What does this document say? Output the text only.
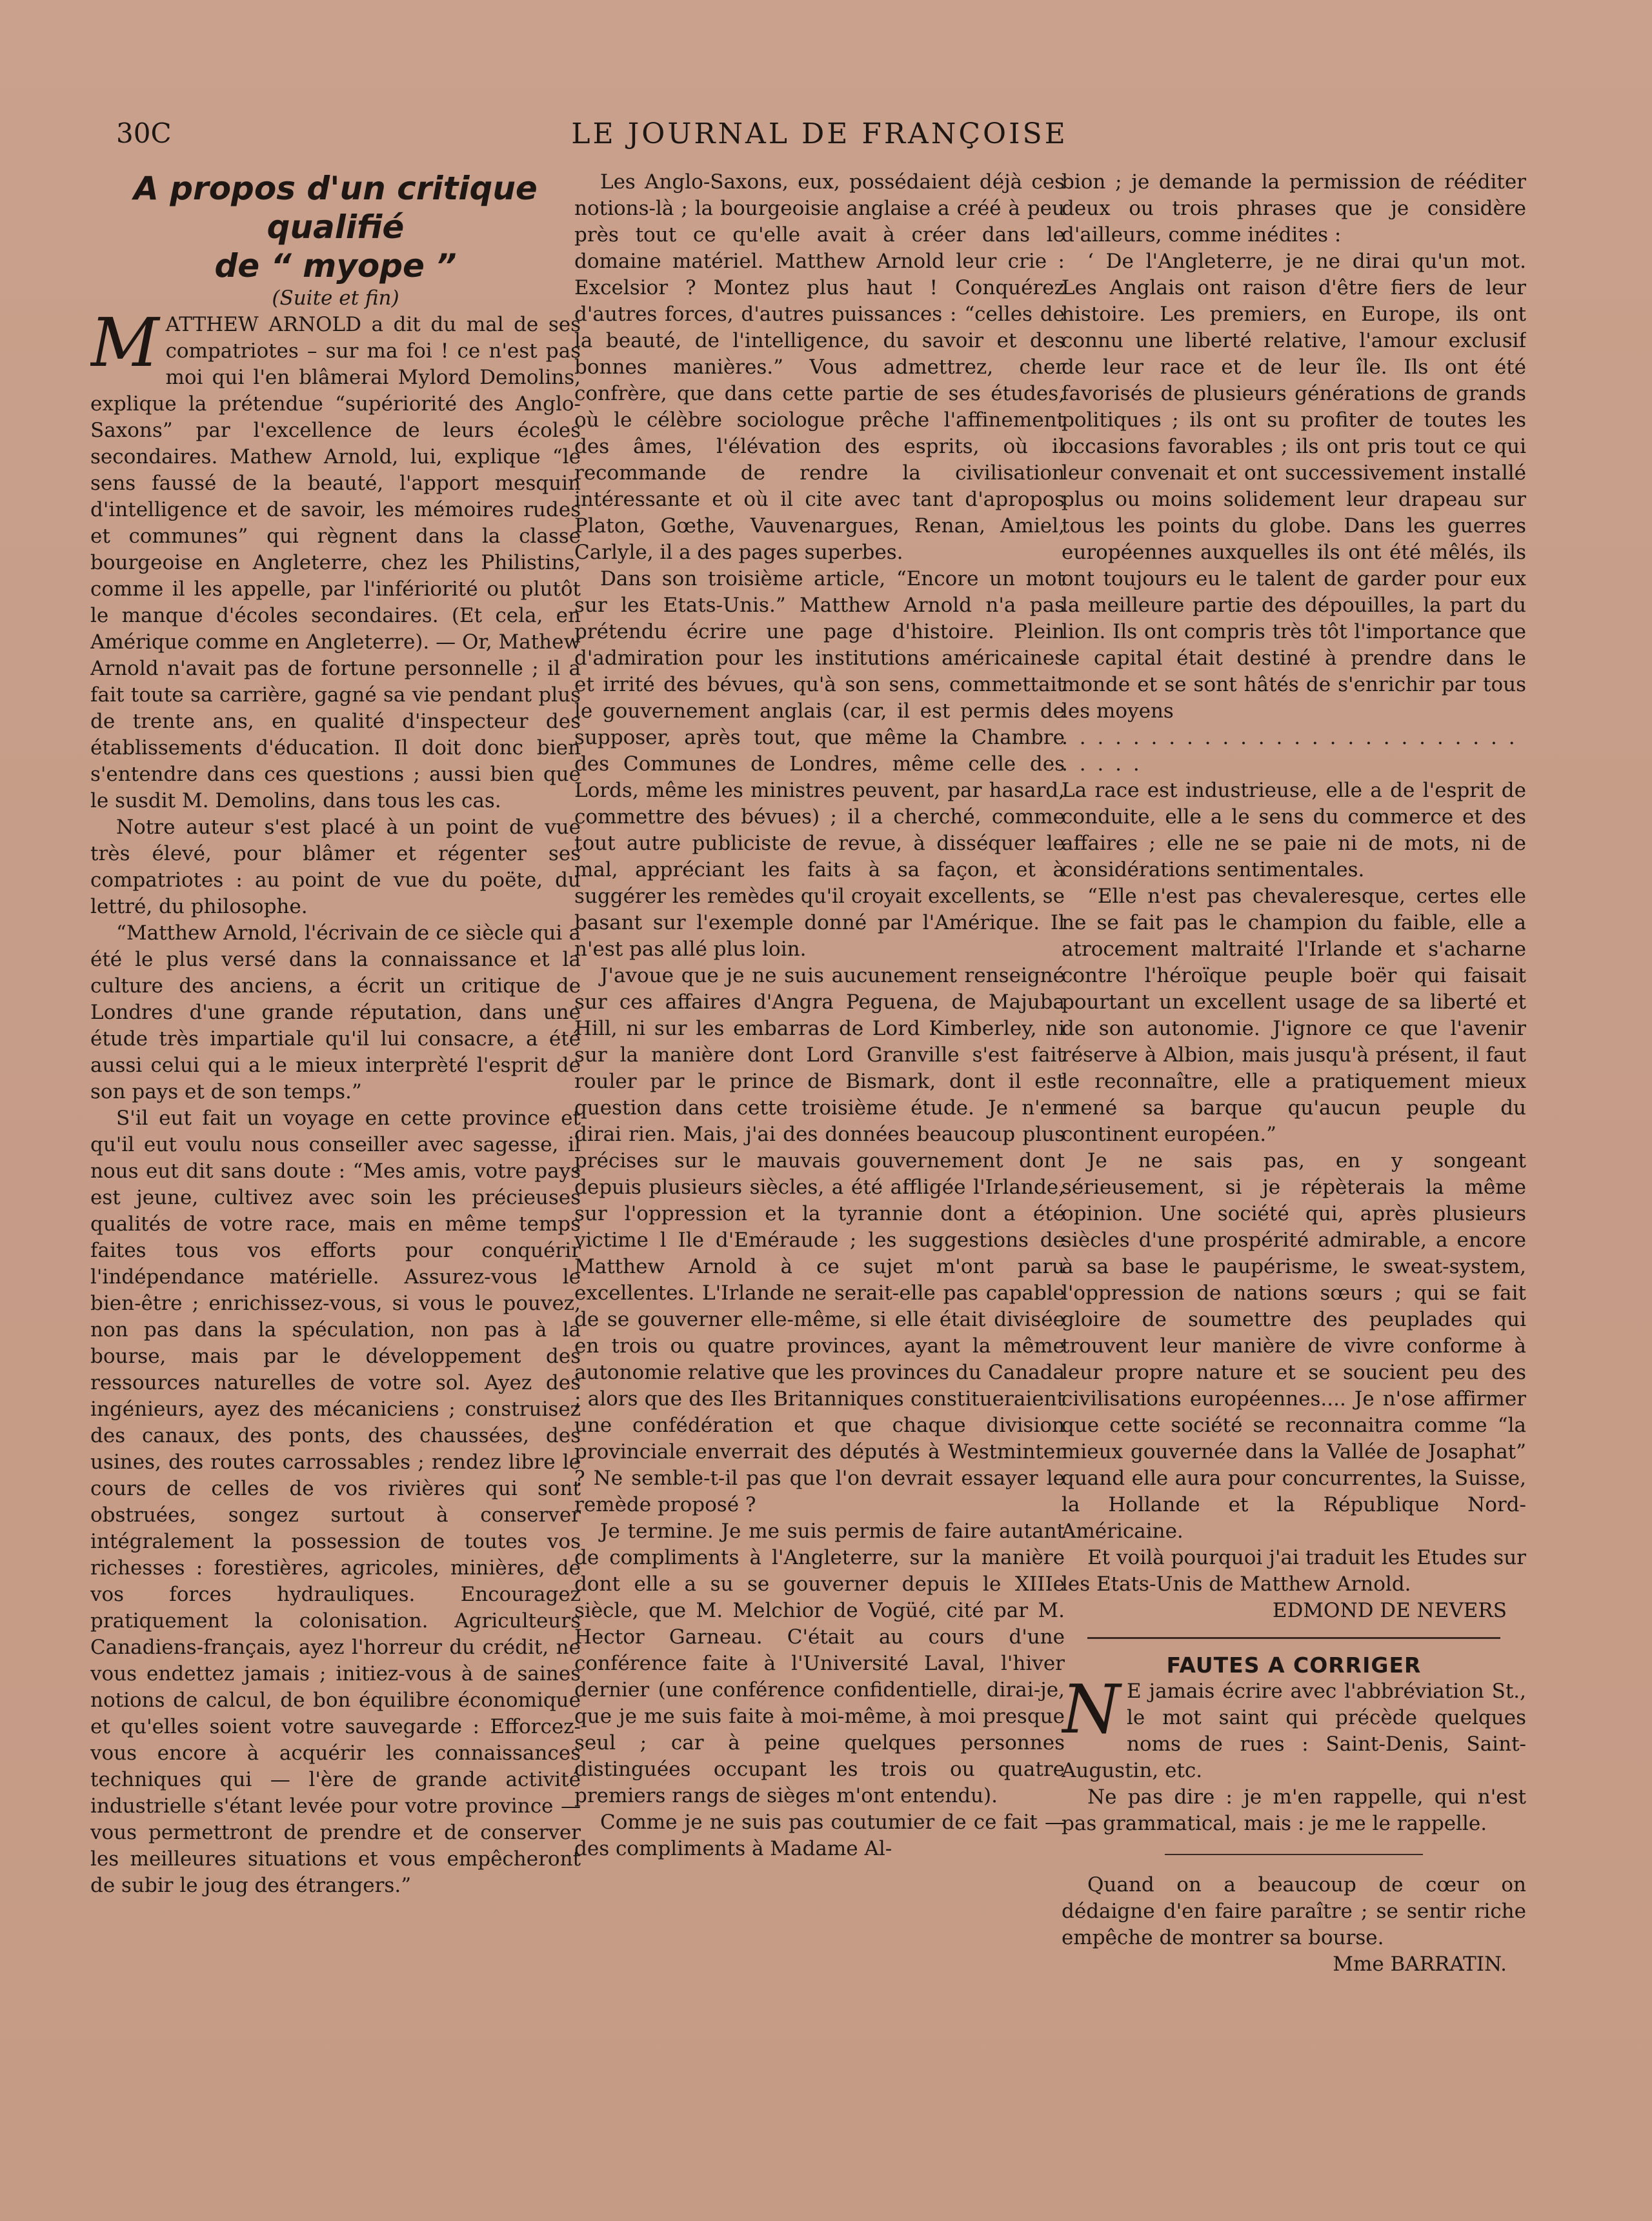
30C	LE JOURNAL DE FRANÇOISE

A propos d'un critique qualifié

de “ myope ”

(Suite et fin)

MATTHEW ARNOLD a dit du mal de ses compatriotes – sur ma foi ! ce n'est pas moi qui l'en blâmerai Mylord Demolins, explique la prétendue “supériorité des Anglo-Saxons” par l'excellence de leurs écoles secondaires. Mathew Arnold, lui, explique “le sens faussé de la beauté, l'apport mesquin d'intelligence et de savoir, les mémoires rudes et communes” qui règnent dans la classe bourgeoise en Angleterre, chez les Philistins, comme il les appelle, par l'infériorité ou plutôt le manque d'écoles secondaires. (Et cela, en Amérique comme en Angleterre). — Or, Mathew Arnold n'avait pas de fortune personnelle ; il a fait toute sa carrière, gagné sa vie pendant plus de trente ans, en qualité d'inspecteur des établissements d'éducation. Il doit donc bien s'entendre dans ces questions ; aussi bien que le susdit M. Demolins, dans tous les cas.

Notre auteur s'est placé à un point de vue très élevé, pour blâmer et régenter ses compatriotes : au point de vue du poëte, du lettré, du philosophe.

“Matthew Arnold, l'écrivain de ce siècle qui a été le plus versé dans la connaissance et la culture des anciens, a écrit un critique de Londres d'une grande réputation, dans une étude très impartiale qu'il lui consacre, a été aussi celui qui a le mieux interprèté l'esprit de son pays et de son temps.”

S'il eut fait un voyage en cette province et qu'il eut voulu nous conseiller avec sagesse, il nous eut dit sans doute : “Mes amis, votre pays est jeune, cultivez avec soin les précieuses qualités de votre race, mais en même temps faites tous vos efforts pour conquérir l'indépendance matérielle. Assurez-vous le bien-être ; enrichissez-vous, si vous le pouvez, non pas dans la spéculation, non pas à la bourse, mais par le développement des ressources naturelles de votre sol. Ayez des ingénieurs, ayez des mécaniciens ; construisez des canaux, des ponts, des chaussées, des usines, des routes carrossables ; rendez libre le cours de celles de vos rivières qui sont obstruées, songez surtout à conserver intégralement la possession de toutes vos richesses : forestières, agricoles, minières, de vos forces hydrauliques. Encouragez pratiquement la colonisation. Agriculteurs Canadiens-français, ayez l'horreur du crédit, ne vous endettez jamais ; initiez-vous à de saines notions de calcul, de bon équilibre économique et qu'elles soient votre sauvegarde : Efforcez-vous encore à acquérir les connaissances techniques qui — l'ère de grande activité industrielle s'étant levée pour votre province — vous permettront de prendre et de conserver les meilleures situations et vous empêcheront de subir le joug des étrangers.”

Les Anglo-Saxons, eux, possédaient déjà ces notions-là ; la bourgeoisie anglaise a créé à peu près tout ce qu'elle avait à créer dans le domaine matériel. Matthew Arnold leur crie : Excelsior ? Montez plus haut ! Conquérez d'autres forces, d'autres puissances : “celles de la beauté, de l'intelligence, du savoir et des bonnes manières.” Vous admettrez, cher confrère, que dans cette partie de ses études, où le célèbre sociologue prêche l'affinement des âmes, l'élévation des esprits, où il recommande de rendre la civilisation intéressante et où il cite avec tant d'apropos Platon, Gœthe, Vauvenargues, Renan, Amiel, Carlyle, il a des pages superbes.

Dans son troisième article, “Encore un mot sur les Etats-Unis.” Matthew Arnold n'a pas prétendu écrire une page d'histoire. Plein d'admiration pour les institutions américaines et irrité des bévues, qu'à son sens, commettait le gouvernement anglais (car, il est permis de supposer, après tout, que même la Chambre des Communes de Londres, même celle des Lords, même les ministres peuvent, par hasard, commettre des bévues) ; il a cherché, comme tout autre publiciste de revue, à disséquer le mal, appréciant les faits à sa façon, et à suggérer les remèdes qu'il croyait excellents, se basant sur l'exemple donné par l'Amérique. Il n'est pas allé plus loin.

J'avoue que je ne suis aucunement renseigné sur ces affaires d'Angra Peguena, de Majuba Hill, ni sur les embarras de Lord Kimberley, ni sur la manière dont Lord Granville s'est fait rouler par le prince de Bismark, dont il est question dans cette troisième étude. Je n'en dirai rien. Mais, j'ai des données beaucoup plus précises sur le mauvais gouvernement dont depuis plusieurs siècles, a été affligée l'Irlande, sur l'oppression et la tyrannie dont a été victime l Ile d'Eméraude ; les suggestions de Matthew Arnold à ce sujet m'ont paru excellentes. L'Irlande ne serait-elle pas capable de se gouverner elle-même, si elle était divisée en trois ou quatre provinces, ayant la même autonomie relative que les provinces du Canada ; alors que des Iles Britanniques constitueraient une confédération et que chaque division provinciale enverrait des députés à Westminter ? Ne semble-t-il pas que l'on devrait essayer le remède proposé ?

Je termine. Je me suis permis de faire autant de compliments à l'Angleterre, sur la manière dont elle a su se gouverner depuis le XIIIe siècle, que M. Melchior de Vogüé, cité par M. Hector Garneau. C'était au cours d'une conférence faite à l'Université Laval, l'hiver dernier (une conférence confidentielle, dirai-je, que je me suis faite à moi-même, à moi presque seul ; car à peine quelques personnes distinguées occupant les trois ou quatre premiers rangs de sièges m'ont entendu).

Comme je ne suis pas coutumier de ce fait — des compliments à Madame Al-

bion ; je demande la permission de rééditer deux ou trois phrases que je considère d'ailleurs, comme inédites :

‘ De l'Angleterre, je ne dirai qu'un mot. Les Anglais ont raison d'être fiers de leur histoire. Les premiers, en Europe, ils ont connu une liberté relative, l'amour exclusif de leur race et de leur île. Ils ont été favorisés de plusieurs générations de grands politiques ; ils ont su profiter de toutes les occasions favorables ; ils ont pris tout ce qui leur convenait et ont successivement installé plus ou moins solidement leur drapeau sur tous les points du globe. Dans les guerres européennes auxquelles ils ont été mêlés, ils ont toujours eu le talent de garder pour eux la meilleure partie des dépouilles, la part du lion. Ils ont compris très tôt l'importance que le capital était destiné à prendre dans le monde et se sont hâtés de s'enrichir par tous les moyens

. . . . . . . . . . . . . . . . . . . . . . . . . . . . . . .

La race est industrieuse, elle a de l'esprit de conduite, elle a le sens du commerce et des affaires ; elle ne se paie ni de mots, ni de considérations sentimentales.

“Elle n'est pas chevaleresque, certes elle ne se fait pas le champion du faible, elle a atrocement maltraité l'Irlande et s'acharne contre l'héroïque peuple boër qui faisait pourtant un excellent usage de sa liberté et de son autonomie. J'ignore ce que l'avenir réserve à Albion, mais jusqu'à présent, il faut le reconnaître, elle a pratiquement mieux mené sa barque qu'aucun peuple du continent européen.”

Je ne sais pas, en y songeant sérieusement, si je répèterais la même opinion. Une société qui, après plusieurs siècles d'une prospérité admirable, a encore à sa base le paupérisme, le sweat-system, l'oppression de nations sœurs ; qui se fait gloire de soumettre des peuplades qui trouvent leur manière de vivre conforme à leur propre nature et se soucient peu des civilisations européennes.... Je n'ose affirmer que cette société se reconnaitra comme “la mieux gouvernée dans la Vallée de Josaphat” quand elle aura pour concurrentes, la Suisse, la Hollande et la République Nord-Américaine.

Et voilà pourquoi j'ai traduit les Etudes sur les Etats-Unis de Matthew Arnold.

EDMOND DE NEVERS

FAUTES A CORRIGER

N E jamais écrire avec l'abbréviation St., le mot saint qui précède quelques noms de rues : Saint-Denis, Saint-Augustin, etc.

Ne pas dire : je m'en rappelle, qui n'est pas grammatical, mais : je me le rappelle.

Quand on a beaucoup de cœur on dédaigne d'en faire paraître ; se sentir riche empêche de montrer sa bourse.

Mme BARRATIN.
